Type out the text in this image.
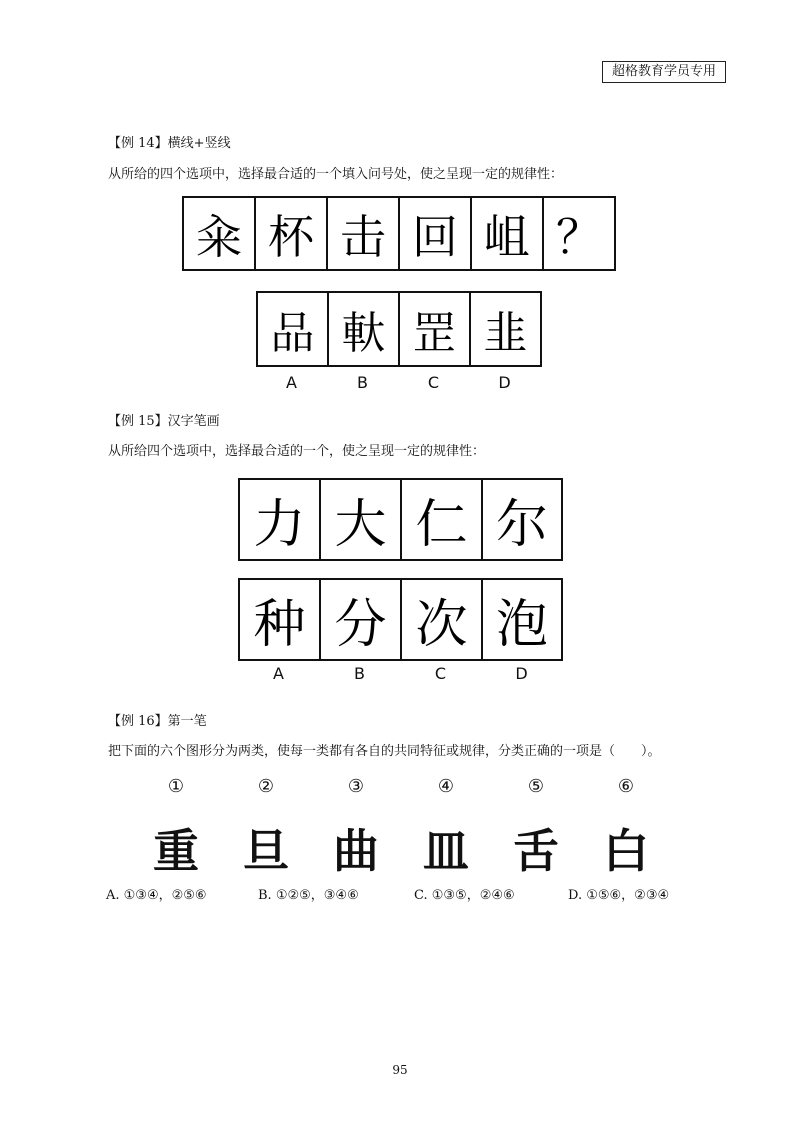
超格教育学员专用
【例 14】横线+竖线
从所给的四个选项中，选择最合适的一个填入问号处，使之呈现一定的规律性：
籴 杯 击 回 岨 ？
品 軑 罡 韭
A	B	C	D
【例 15】汉字笔画
从所给四个选项中，选择最合适的一个，使之呈现一定的规律性：
力 大 仁 尔
种 分 次 泡
A	B	C	D
【例 16】第一笔
把下面的六个图形分为两类，使每一类都有各自的共同特征或规律，分类正确的一项是（　　）。
①
重
②
旦
③
曲
④
皿
⑤
舌
⑥
白
A. ①③④，②⑤⑥	B. ①②⑤，③④⑥	C. ①③⑤，②④⑥	D. ①⑤⑥，②③④
95
